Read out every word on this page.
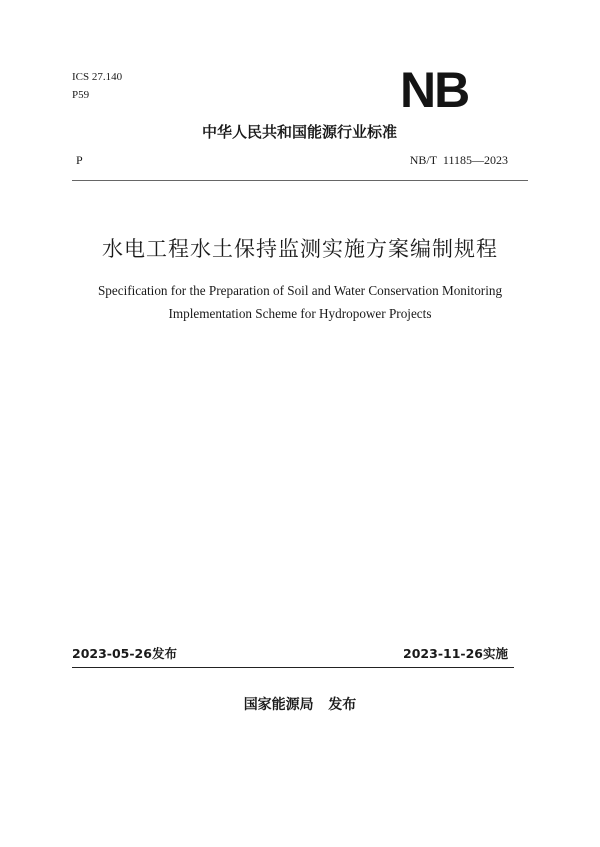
ICS 27.140
P59	NB
中华人民共和国能源行业标准
P	NB/T  11185—2023
水电工程水土保持监测实施方案编制规程
Specification for the Preparation of Soil and Water Conservation Monitoring
Implementation Scheme for Hydropower Projects
2023-05-26发布	2023-11-26实施
国家能源局   发布
